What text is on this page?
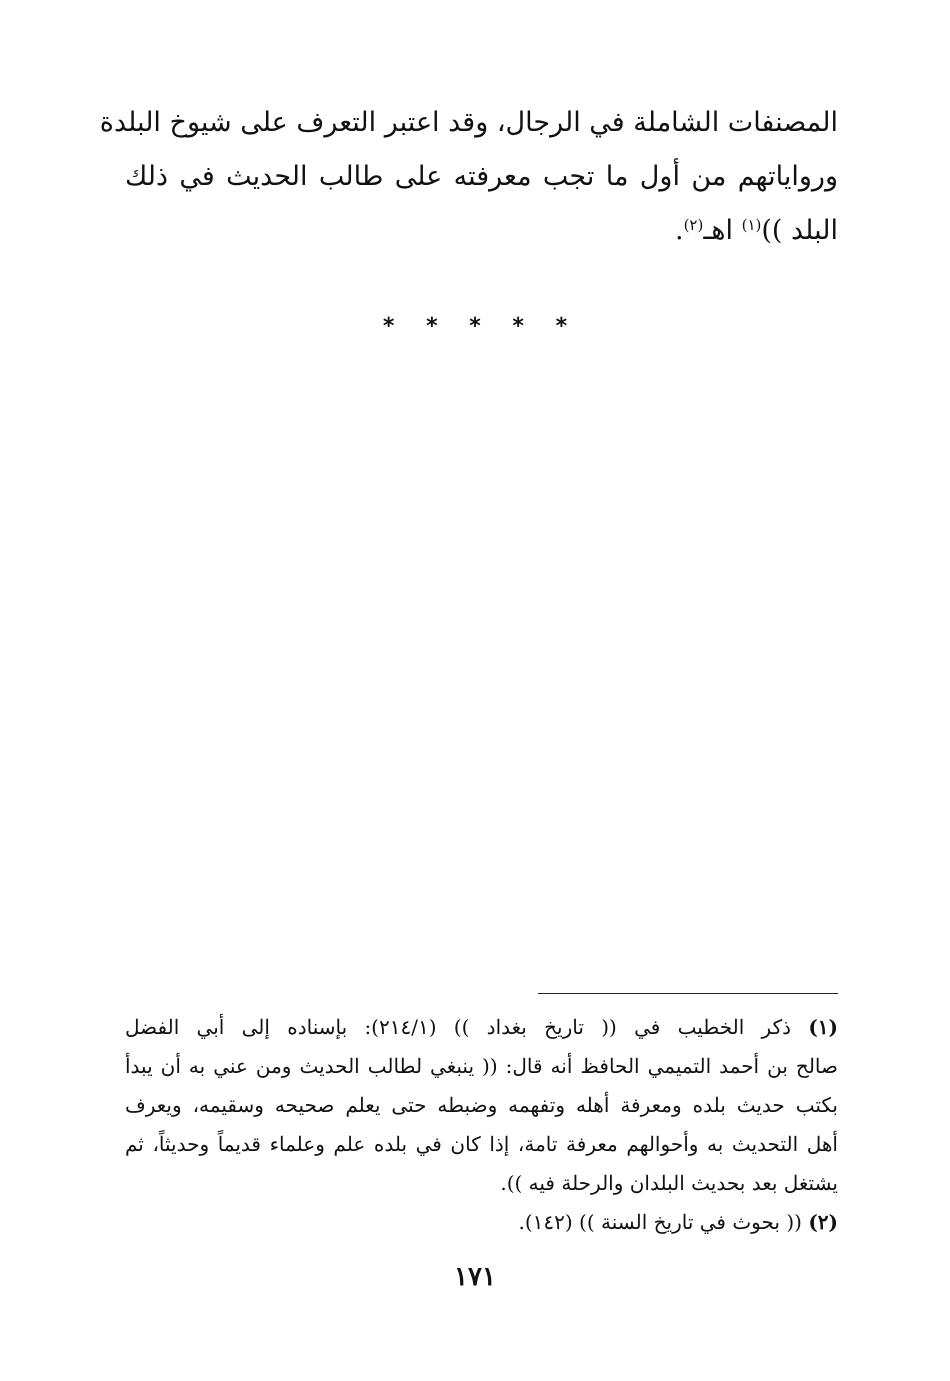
المصنفات الشاملة في الرجال، وقد اعتبر التعرف على شيوخ البلدة
ورواياتهم من أول ما تجب معرفته على طالب الحديث في ذلك
البلد ))$^{(١)}$ اهـ$^{(٢)}$.
* * * * *
(١) ذكر الخطيب في (( تاريخ بغداد )) (٢١٤/١): بإسناده إلى أبي الفضل
صالح بن أحمد التميمي الحافظ أنه قال: (( ينبغي لطالب الحديث ومن عني به أن يبدأ
بكتب حديث بلده ومعرفة أهله وتفهمه وضبطه حتى يعلم صحيحه وسقيمه، ويعرف
أهل التحديث به وأحوالهم معرفة تامة، إذا كان في بلده علم وعلماء قديماً وحديثاً، ثم
يشتغل بعد بحديث البلدان والرحلة فيه )).
(٢) (( بحوث في تاريخ السنة )) (١٤٢).
١٧١
